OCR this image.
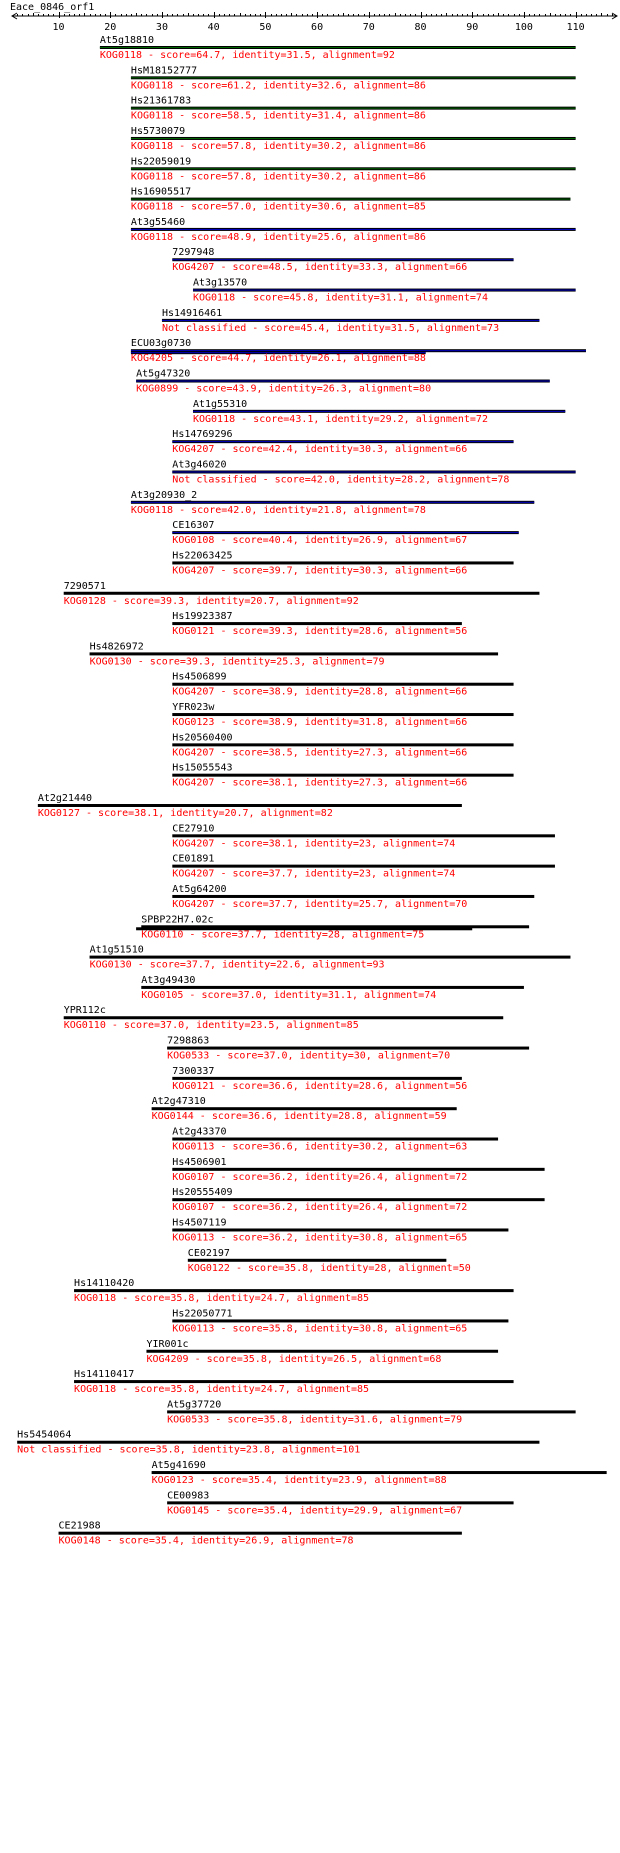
Eace_0846_orf1
10	20	30	40	50	60	70	80	90	100	110
At5g18810
KOG0118 - score=64.7, identity=31.5, alignment=92
HsM18152777
KOG0118 - score=61.2, identity=32.6, alignment=86
Hs21361783
KOG0118 - score=58.5, identity=31.4, alignment=86
Hs5730079
KOG0118 - score=57.8, identity=30.2, alignment=86
Hs22059019
KOG0118 - score=57.8, identity=30.2, alignment=86
Hs16905517
KOG0118 - score=57.0, identity=30.6, alignment=85
At3g55460
KOG0118 - score=48.9, identity=25.6, alignment=86
7297948
KOG4207 - score=48.5, identity=33.3, alignment=66
At3g13570
KOG0118 - score=45.8, identity=31.1, alignment=74
Hs14916461
Not classified - score=45.4, identity=31.5, alignment=73
ECU03g0730
KOG4205 - score=44.7, identity=26.1, alignment=88
At5g47320
KOG0899 - score=43.9, identity=26.3, alignment=80
At1g55310
KOG0118 - score=43.1, identity=29.2, alignment=72
Hs14769296
KOG4207 - score=42.4, identity=30.3, alignment=66
At3g46020
Not classified - score=42.0, identity=28.2, alignment=78
At3g20930_2
KOG0118 - score=42.0, identity=21.8, alignment=78
CE16307
KOG0108 - score=40.4, identity=26.9, alignment=67
Hs22063425
KOG4207 - score=39.7, identity=30.3, alignment=66
7290571
KOG0128 - score=39.3, identity=20.7, alignment=92
Hs19923387
KOG0121 - score=39.3, identity=28.6, alignment=56
Hs4826972
KOG0130 - score=39.3, identity=25.3, alignment=79
Hs4506899
KOG4207 - score=38.9, identity=28.8, alignment=66
YFR023w
KOG0123 - score=38.9, identity=31.8, alignment=66
Hs20560400
KOG4207 - score=38.5, identity=27.3, alignment=66
Hs15055543
KOG4207 - score=38.1, identity=27.3, alignment=66
At2g21440
KOG0127 - score=38.1, identity=20.7, alignment=82
CE27910
KOG4207 - score=38.1, identity=23, alignment=74
CE01891
KOG4207 - score=37.7, identity=23, alignment=74
At5g64200
KOG4207 - score=37.7, identity=25.7, alignment=70
SPBP22H7.02c
KOG0110 - score=37.7, identity=28, alignment=75
At1g51510
KOG0130 - score=37.7, identity=22.6, alignment=93
At3g49430
KOG0105 - score=37.0, identity=31.1, alignment=74
YPR112c
KOG0110 - score=37.0, identity=23.5, alignment=85
7298863
KOG0533 - score=37.0, identity=30, alignment=70
7300337
KOG0121 - score=36.6, identity=28.6, alignment=56
At2g47310
KOG0144 - score=36.6, identity=28.8, alignment=59
At2g43370
KOG0113 - score=36.6, identity=30.2, alignment=63
Hs4506901
KOG0107 - score=36.2, identity=26.4, alignment=72
Hs20555409
KOG0107 - score=36.2, identity=26.4, alignment=72
Hs4507119
KOG0113 - score=36.2, identity=30.8, alignment=65
CE02197
KOG0122 - score=35.8, identity=28, alignment=50
Hs14110420
KOG0118 - score=35.8, identity=24.7, alignment=85
Hs22050771
KOG0113 - score=35.8, identity=30.8, alignment=65
YIR001c
KOG4209 - score=35.8, identity=26.5, alignment=68
Hs14110417
KOG0118 - score=35.8, identity=24.7, alignment=85
At5g37720
KOG0533 - score=35.8, identity=31.6, alignment=79
Hs5454064
Not classified - score=35.8, identity=23.8, alignment=101
At5g41690
KOG0123 - score=35.4, identity=23.9, alignment=88
CE00983
KOG0145 - score=35.4, identity=29.9, alignment=67
CE21988
KOG0148 - score=35.4, identity=26.9, alignment=78
